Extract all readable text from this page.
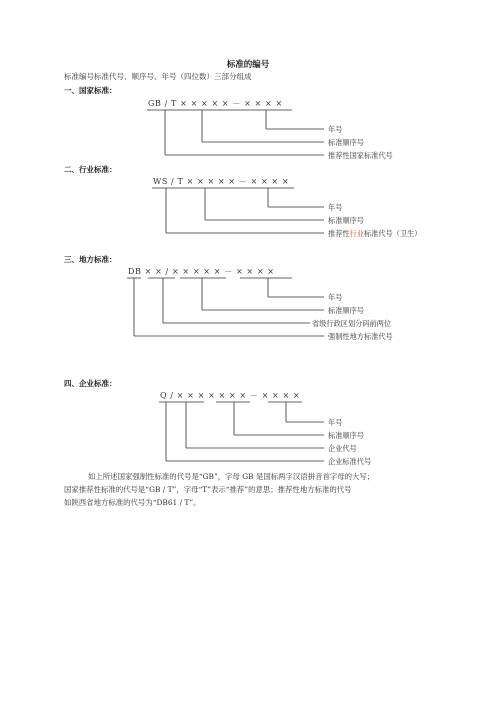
标准的编号
标准编号标准代号、顺序号、年号（四位数）三部分组成
一、国家标准：
GB / T × × × × × － × × × ×
年号
标准顺序号
推荐性国家标准代号
二、行业标准：
WS / T × × × × × － × × × ×
年号
标准顺序号
推荐性行业标准代号（卫生）
三、地方标准：
DB × × / × × × × × － × × × ×
年号
标准顺序号
省级行政区划分码前两位
强制性地方标准代号
四、企业标准：
Q / × × × × × × × － × × × ×
年号
标准顺序号
企业代号
企业标准代号
如上所述国家强制性标准的代号是“GB”，字母 GB 是国标两字汉语拼音首字母的大写；
国家推荐性标准的代号是“GB / T”，字母“T”表示“推荐”的意思；推荐性地方标准的代号
如陕西省地方标准的代号为“DB61 / T”。
